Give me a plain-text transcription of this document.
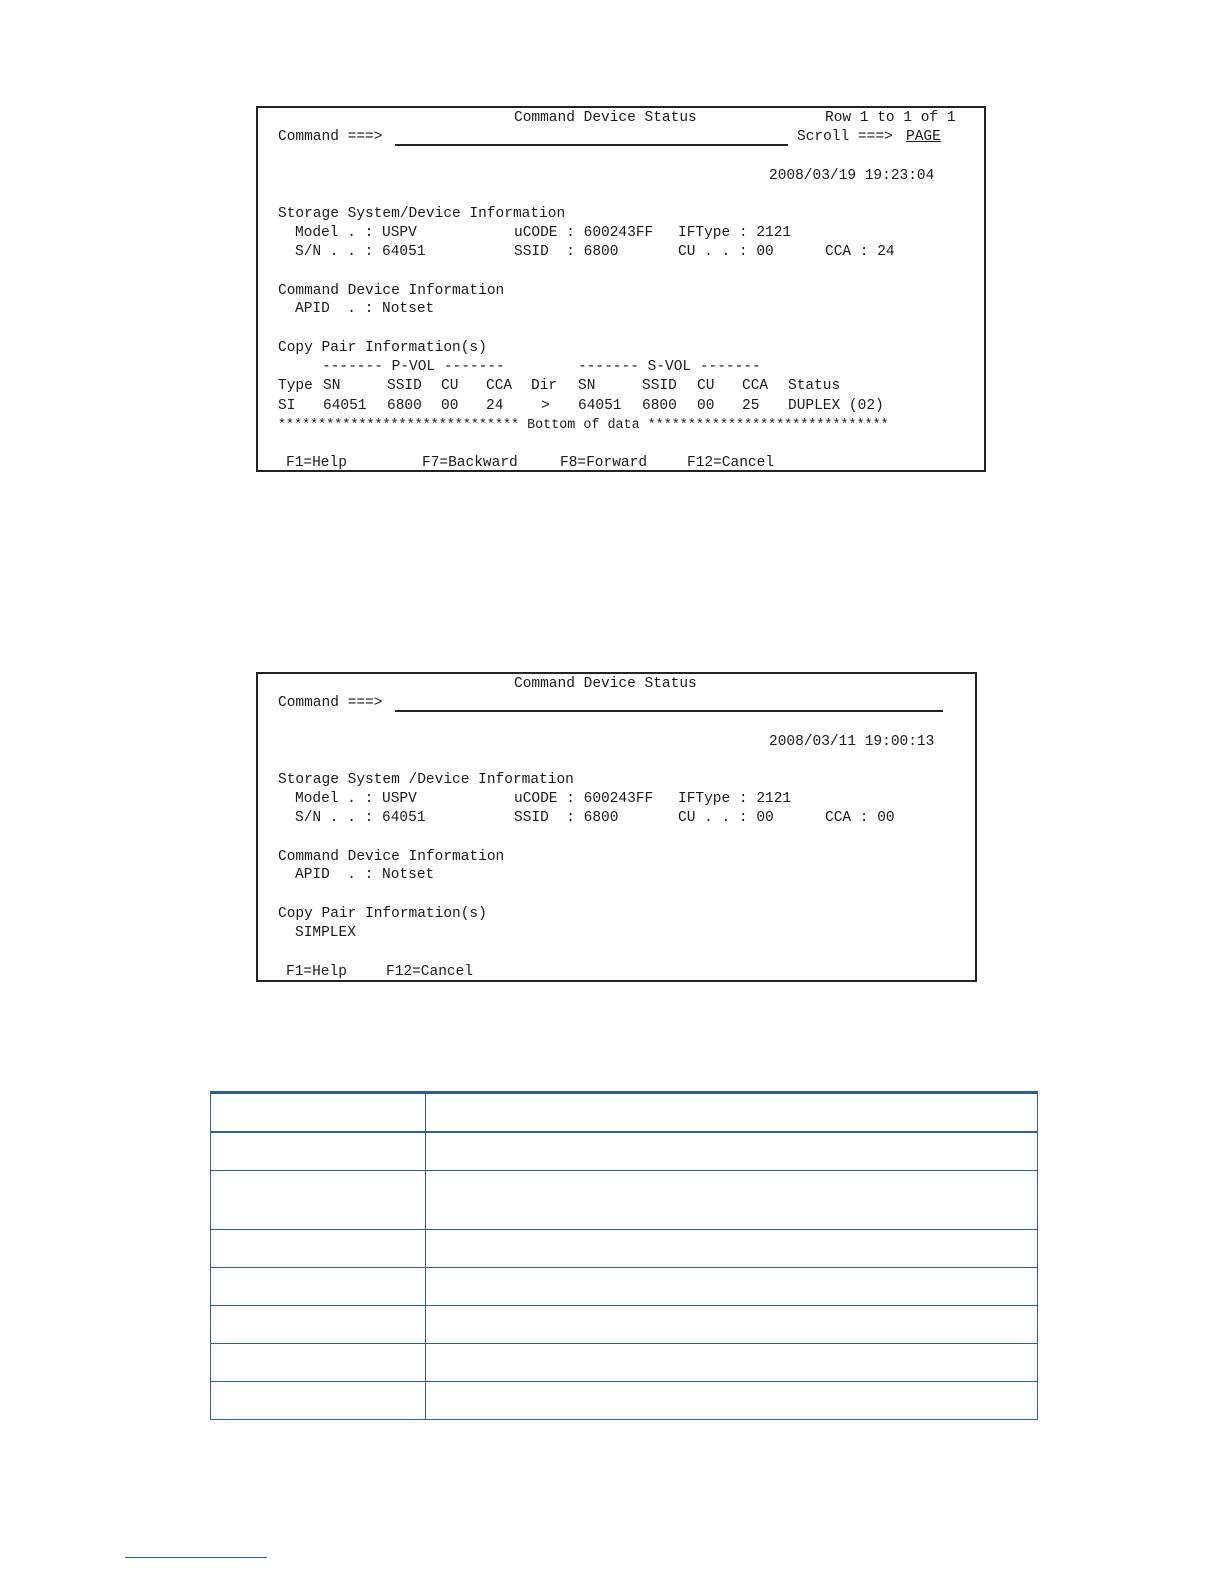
Command Device Status	Row 1 to 1 of 1
Command ===>	Scroll ===> PAGE
2008/03/19 19:23:04
Storage System/Device Information
Model . : USPV	uCODE : 600243FF IFType : 2121
S/N . . : 64051	SSID  : 6800	CU . . : 00	CCA : 24
Command Device Information
APID  . : Notset
Copy Pair Information(s)
------- P-VOL -------	------- S-VOL -------
Type SN	SSID CU CCA Dir SN	SSID CU CCA Status
SI 64051 6800 00 24	> 64051 6800 00 25 DUPLEX (02)
****************************** Bottom of data ******************************
F1=Help	F7=Backward	F8=Forward	F12=Cancel
Command Device Status
Command ===>
2008/03/11 19:00:13
Storage System /Device Information
Model . : USPV	uCODE : 600243FF IFType : 2121
S/N . . : 64051	SSID  : 6800	CU . . : 00	CCA : 00
Command Device Information
APID  . : Notset
Copy Pair Information(s)
SIMPLEX
F1=Help	F12=Cancel
